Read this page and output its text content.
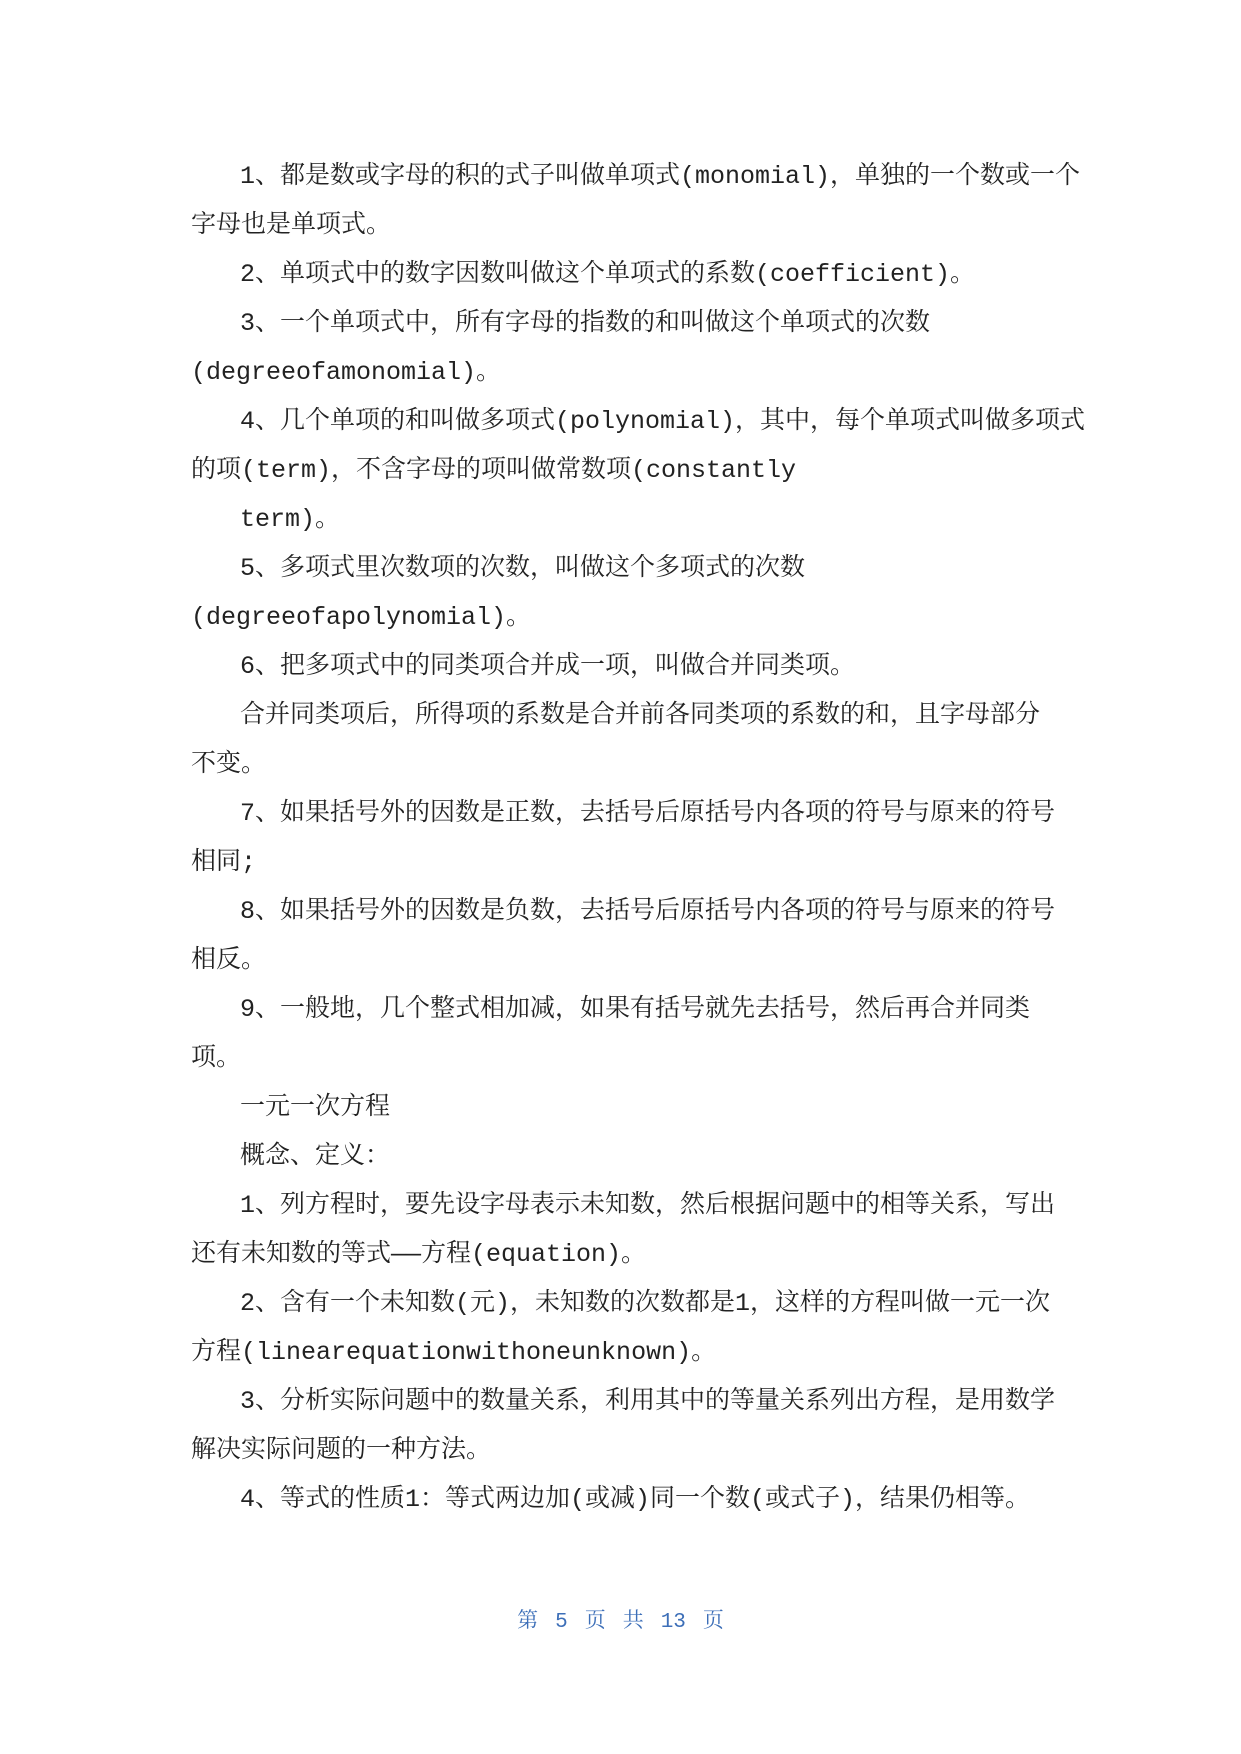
1、都是数或字母的积的式子叫做单项式(monomial)，单独的一个数或一个
字母也是单项式。
2、单项式中的数字因数叫做这个单项式的系数(coefficient)。
3、一个单项式中，所有字母的指数的和叫做这个单项式的次数
(degreeofamonomial)。
4、几个单项的和叫做多项式(polynomial)，其中，每个单项式叫做多项式
的项(term)，不含字母的项叫做常数项(constantly
term)。
5、多项式里次数项的次数，叫做这个多项式的次数
(degreeofapolynomial)。
6、把多项式中的同类项合并成一项，叫做合并同类项。
合并同类项后，所得项的系数是合并前各同类项的系数的和，且字母部分
不变。
7、如果括号外的因数是正数，去括号后原括号内各项的符号与原来的符号
相同;
8、如果括号外的因数是负数，去括号后原括号内各项的符号与原来的符号
相反。
9、一般地，几个整式相加减，如果有括号就先去括号，然后再合并同类
项。
一元一次方程
概念、定义：
1、列方程时，要先设字母表示未知数，然后根据问题中的相等关系，写出
还有未知数的等式——方程(equation)。
2、含有一个未知数(元)，未知数的次数都是1，这样的方程叫做一元一次
方程(linearequationwithoneunknown)。
3、分析实际问题中的数量关系，利用其中的等量关系列出方程，是用数学
解决实际问题的一种方法。
4、等式的性质1：等式两边加(或减)同一个数(或式子)，结果仍相等。
第 5 页 共 13 页
